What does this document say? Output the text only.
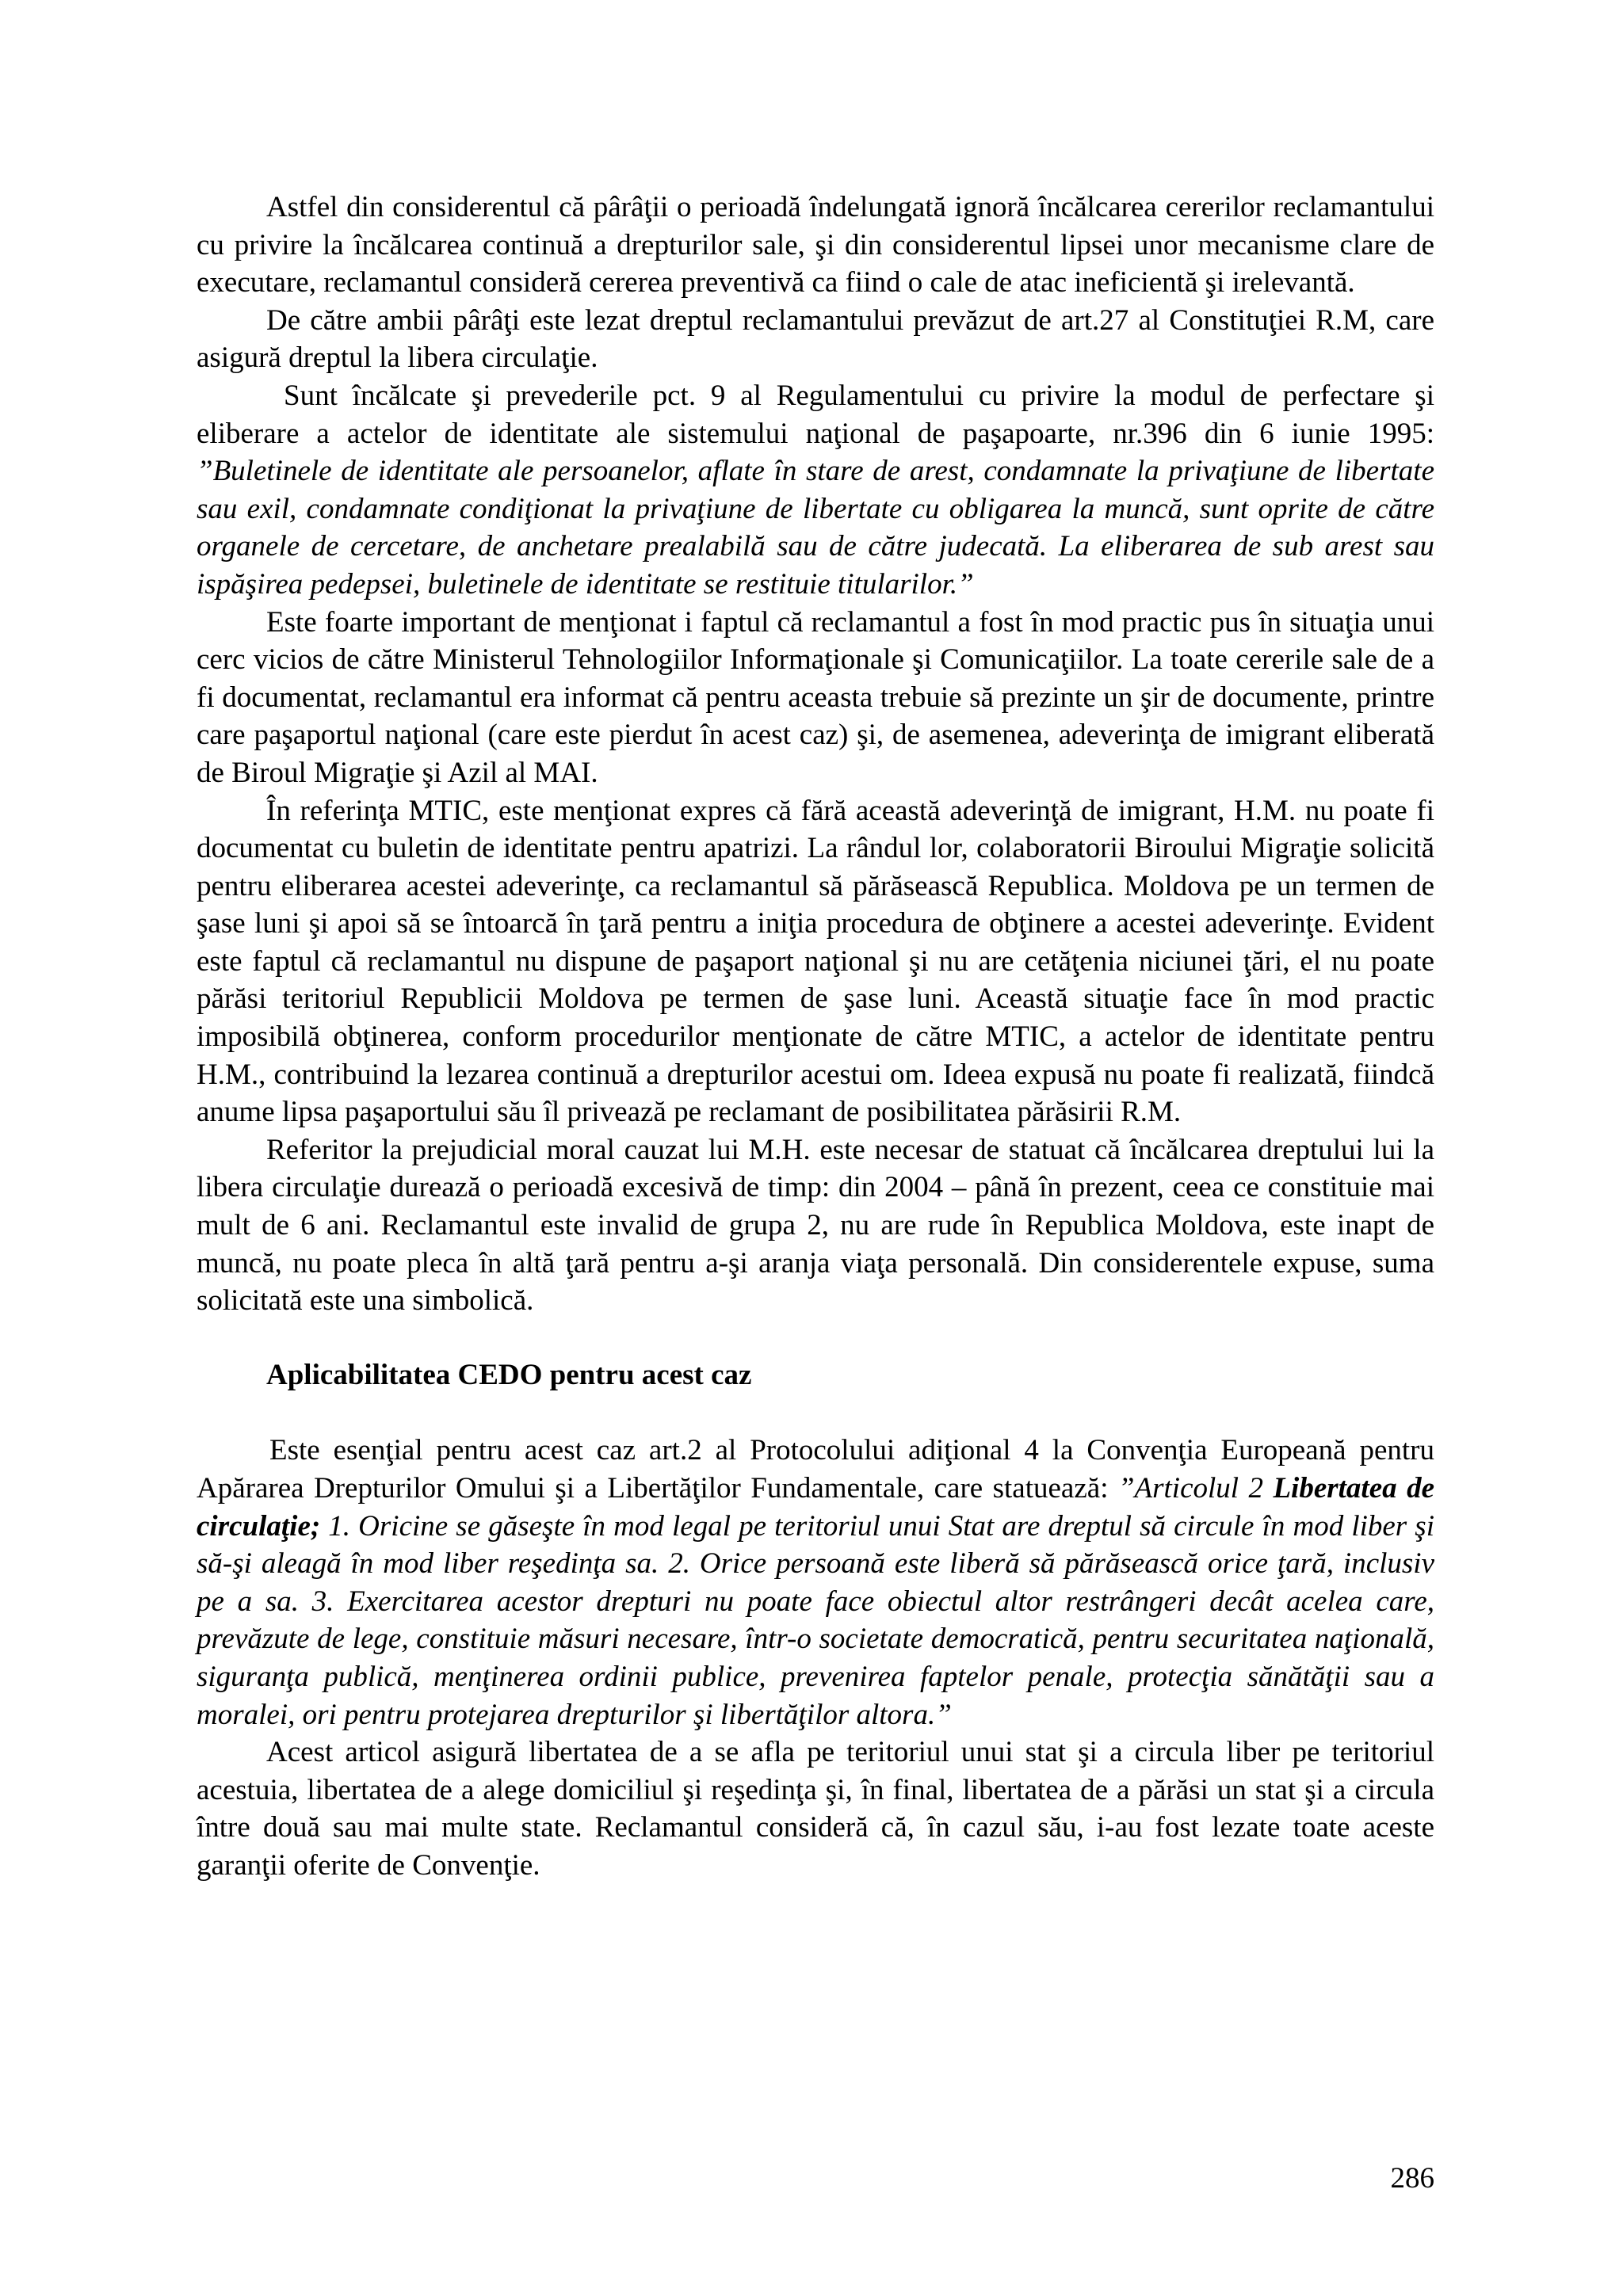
Astfel din considerentul că pârâţii o perioadă îndelungată ignoră încălcarea cererilor reclamantului cu privire la încălcarea continuă a drepturilor sale, şi din considerentul lipsei unor mecanisme clare de executare, reclamantul consideră cererea preventivă ca fiind o cale de atac ineficientă şi irelevantă.

De către ambii pârâţi este lezat dreptul reclamantului prevăzut de art.27 al Constituţiei R.M, care asigură dreptul la libera circulaţie.

Sunt încălcate şi prevederile pct. 9 al Regulamentului cu privire la modul de perfectare şi eliberare a actelor de identitate ale sistemului naţional de paşapoarte, nr.396 din 6 iunie 1995: ”Buletinele de identitate ale persoanelor, aflate în stare de arest, condamnate la privaţiune de libertate sau exil, condamnate condiţionat la privaţiune de libertate cu obligarea la muncă, sunt oprite de către organele de cercetare, de anchetare prealabilă sau de către judecată. La eliberarea de sub arest sau ispăşirea pedepsei, buletinele de identitate se restituie titularilor.”

Este foarte important de menţionat i faptul că reclamantul a fost în mod practic pus în situaţia unui cerc vicios de către Ministerul Tehnologiilor Informaţionale şi Comunicaţiilor. La toate cererile sale de a fi documentat, reclamantul era informat că pentru aceasta trebuie să prezinte un şir de documente, printre care paşaportul naţional (care este pierdut în acest caz) şi, de asemenea, adeverinţa de imigrant eliberată de Biroul Migraţie şi Azil al MAI.

În referinţa MTIC, este menţionat expres că fără această adeverinţă de imigrant, H.M. nu poate fi documentat cu buletin de identitate pentru apatrizi. La rândul lor, colaboratorii Biroului Migraţie solicită pentru eliberarea acestei adeverinţe, ca reclamantul să părăsească Republica. Moldova pe un termen de şase luni şi apoi să se întoarcă în ţară pentru a iniţia procedura de obţinere a acestei adeverinţe. Evident este faptul că reclamantul nu dispune de paşaport naţional şi nu are cetăţenia niciunei ţări, el nu poate părăsi teritoriul Republicii Moldova pe termen de şase luni. Această situaţie face în mod practic imposibilă obţinerea, conform procedurilor menţionate de către MTIC, a actelor de identitate pentru H.M., contribuind la lezarea continuă a drepturilor acestui om. Ideea expusă nu poate fi realizată, fiindcă anume lipsa paşaportului său îl privează pe reclamant de posibilitatea părăsirii R.M.

Referitor la prejudicial moral cauzat lui M.H. este necesar de statuat că încălcarea dreptului lui la libera circulaţie durează o perioadă excesivă de timp: din 2004 – până în prezent, ceea ce constituie mai mult de 6 ani. Reclamantul este invalid de grupa 2, nu are rude în Republica Moldova, este inapt de muncă, nu poate pleca în altă ţară pentru a-şi aranja viaţa personală. Din considerentele expuse, suma solicitată este una simbolică.

Aplicabilitatea CEDO pentru acest caz

Este esenţial pentru acest caz art.2 al Protocolului adiţional 4 la Convenţia Europeană pentru Apărarea Drepturilor Omului şi a Libertăţilor Fundamentale, care statuează: ”Articolul 2 Libertatea de circulaţie; 1. Oricine se găseşte în mod legal pe teritoriul unui Stat are dreptul să circule în mod liber şi să-şi aleagă în mod liber reşedinţa sa. 2. Orice persoană este liberă să părăsească orice ţară, inclusiv pe a sa. 3. Exercitarea acestor drepturi nu poate face obiectul altor restrângeri decât acelea care, prevăzute de lege, constituie măsuri necesare, într-o societate democratică, pentru securitatea naţională, siguranţa publică, menţinerea ordinii publice, prevenirea faptelor penale, protecţia sănătăţii sau a moralei, ori pentru protejarea drepturilor şi libertăţilor altora.”

Acest articol asigură libertatea de a se afla pe teritoriul unui stat şi a circula liber pe teritoriul acestuia, libertatea de a alege domiciliul şi reşedinţa şi, în final, libertatea de a părăsi un stat şi a circula între două sau mai multe state. Reclamantul consideră că, în cazul său, i-au fost lezate toate aceste garanţii oferite de Convenţie.

286
